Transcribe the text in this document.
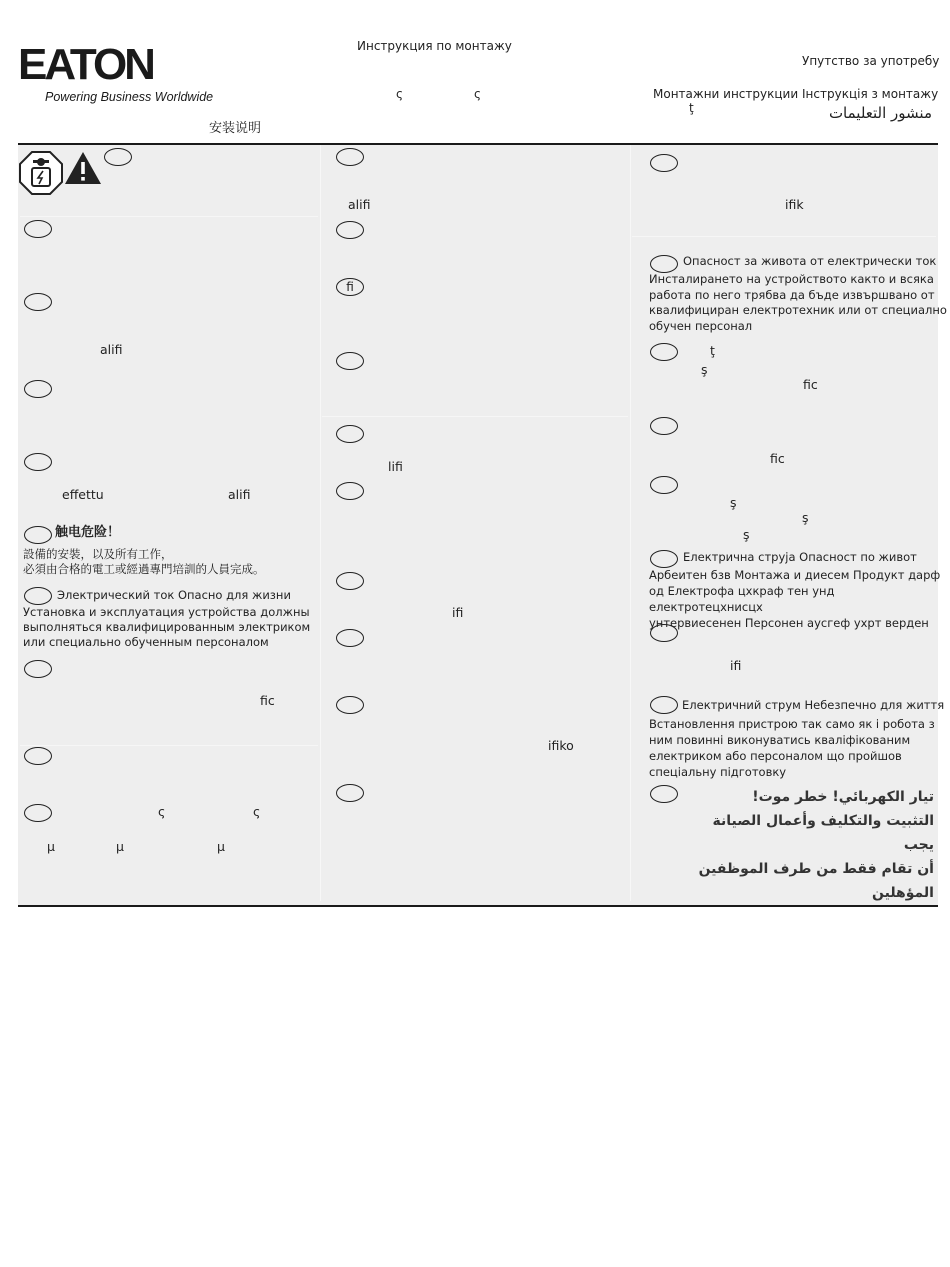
EATON
Powering Business Worldwide
Инструкция по монтажу
Упутство за употребу
ς	ς	Монтажни инструкции Інструкція з монтажу
ţ	منشور التعليمات
安装说明
alifi
effettu	alifi
触电危险！
設備的安裝，以及所有工作，
必須由合格的電工或經過專門培訓的人員完成。
Электрический ток Опасно для жизни
Установка и эксплуатация устройства должны
выполняться квалифицированным электриком
или специально обученным персоналом
fic
ς	ς
μ	μ	μ
alifi
fi
lifi
ifi
ifiko
ifik
Опасност за живота от електрически ток
Инсталирането на устройството както и всяка
работа по него трябва да бъде извършвано от
квалифициран електротехник или от специално
обучен персонал
ţ
ş
fic
fic
ş
ş
ş
Електрична струја Опасност по живот
Арбеитен бзв Монтажа и диесем Продукт дарф
од Електрофа цхкраф тен унд електротецхнисцх
унтервиесенен Персонен аусгеф ухрт верден
ifi
Електричний струм Небезпечно для життя
Встановлення пристрою так само як і робота з
ним повинні виконуватись кваліфікованим
електриком або персоналом що пройшов
спеціальну підготовку
تيار الكهربائي! خطر موت!
التثبيت والتكليف وأعمال الصيانة يجب
أن تقام فقط من طرف الموظفين
المؤهلين
